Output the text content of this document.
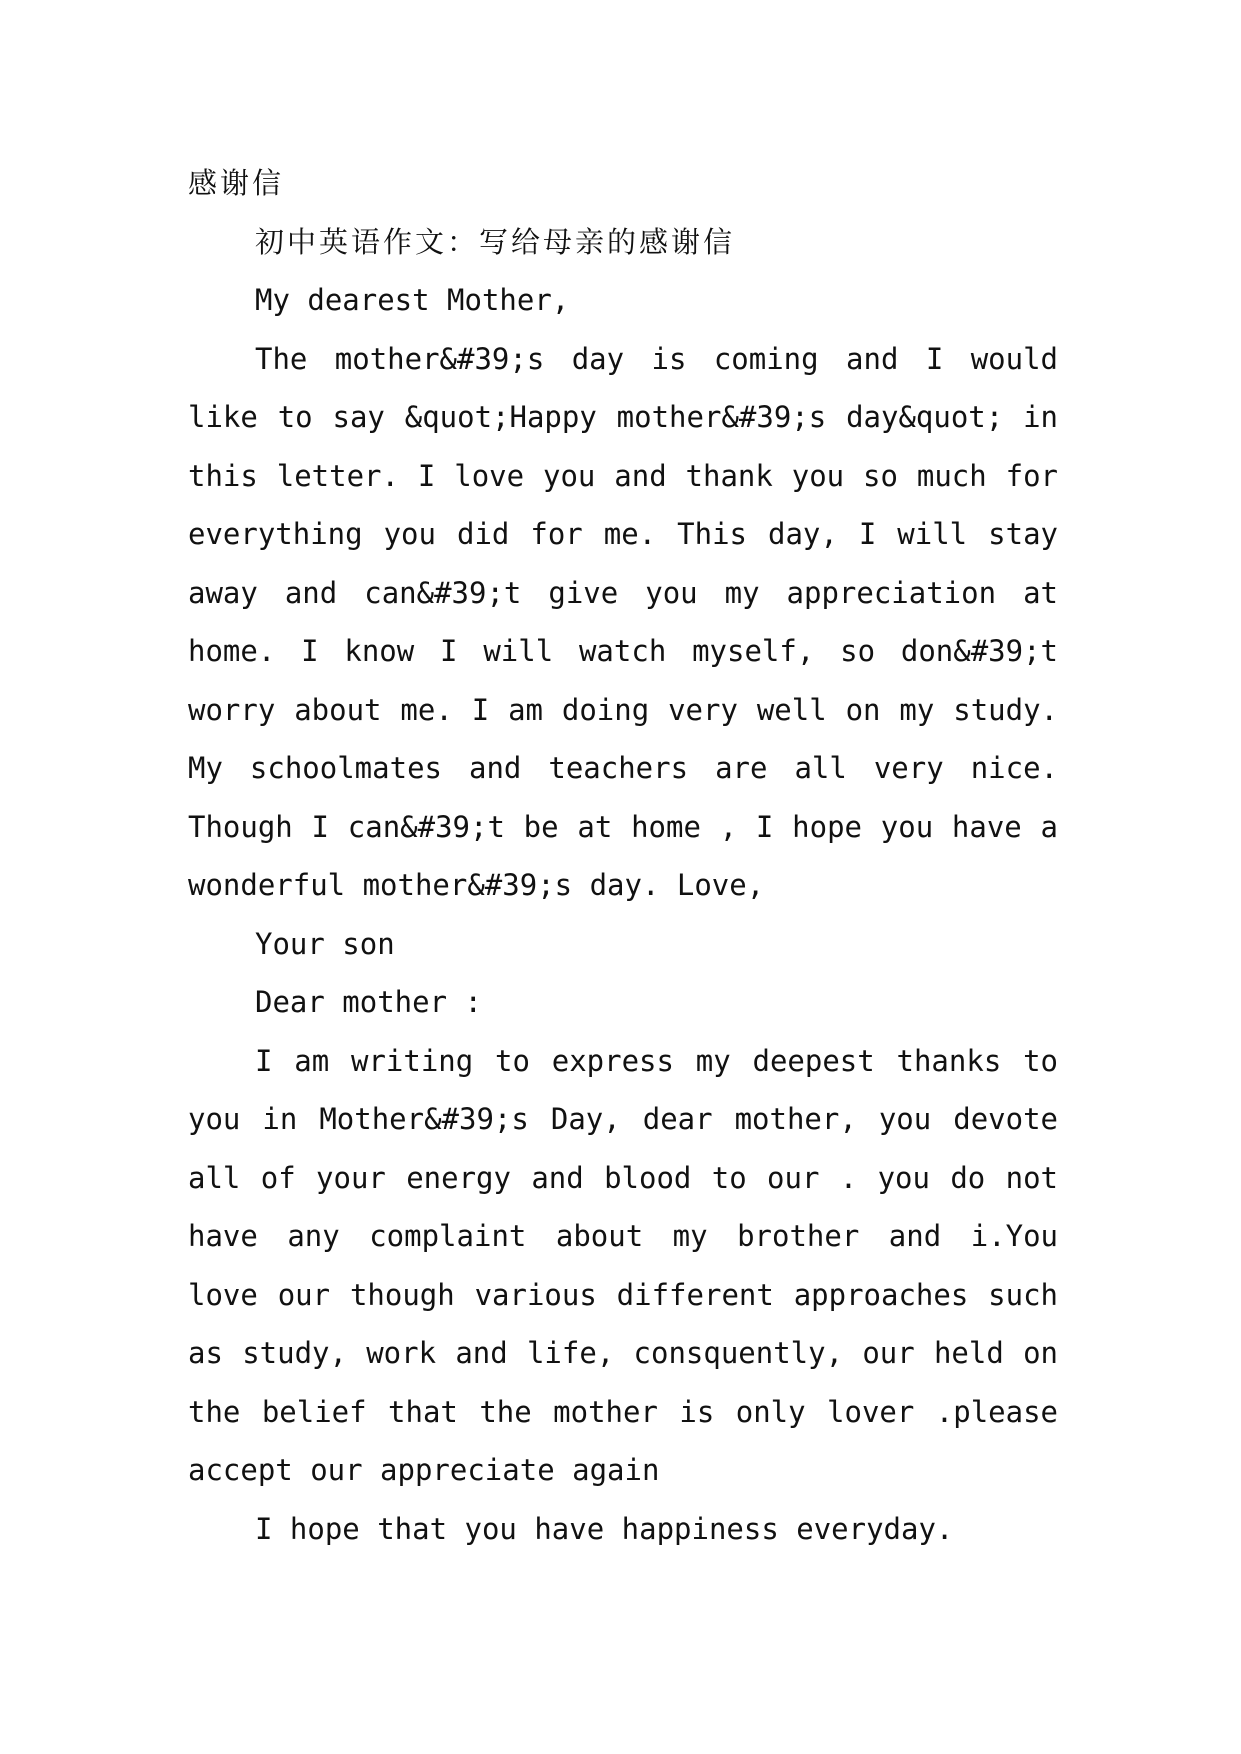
感谢信

初中英语作文：写给母亲的感谢信

My dearest Mother,

The mother&#39;s day is coming and I would like to say &quot;Happy mother&#39;s day&quot; in this letter. I love you and thank you so much for everything you did for me. This day, I will stay away and can&#39;t give you my appreciation at home. I know I will watch myself, so don&#39;t worry about me. I am doing very well on my study. My schoolmates and teachers are all very nice. Though I can&#39;t be at home , I hope you have a wonderful mother&#39;s day. Love,

Your son

Dear mother :

I am writing to express my deepest thanks to you in Mother&#39;s Day, dear mother, you devote all of your energy and blood to our . you do not have any complaint about my brother and i.You love our though various different approaches such as study, work and life, consquently, our held on the belief that the mother is only lover .please accept our appreciate again

I hope that you have happiness everyday.
